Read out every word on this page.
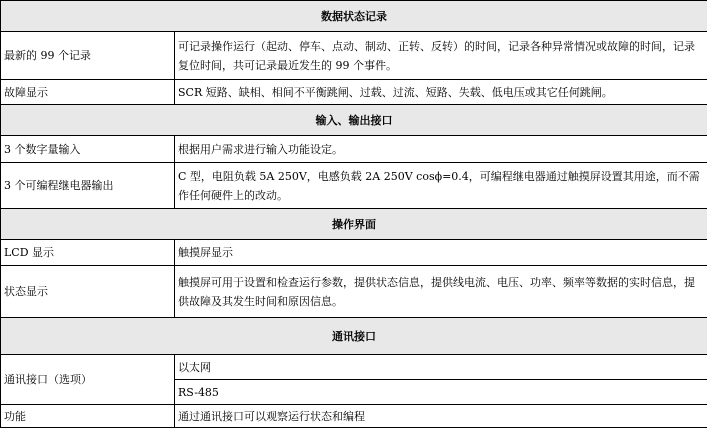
数据状态记录	
最新的 99 个记录	可记录操作运行（起动、停车、点动、制动、正转、反转）的时间，记录各种异常情况或故障的时间，记录复位时间，共可记录最近发生的 99 个事件。
故障显示	SCR 短路、缺相、相间不平衡跳闸、过载、过流、短路、失载、低电压或其它任何跳闸。
输入、输出接口	
3 个数字量输入	根据用户需求进行输入功能设定。
3 个可编程继电器输出	C 型，电阻负载 5A 250V，电感负载 2A 250V cosϕ=0.4，可编程继电器通过触摸屏设置其用途，而不需作任何硬件上的改动。
操作界面	
LCD 显示	触摸屏显示
状态显示	触摸屏可用于设置和检查运行参数，提供状态信息，提供线电流、电压、功率、频率等数据的实时信息，提供故障及其发生时间和原因信息。
通讯接口	
通讯接口（选项）	以太网
	RS-485
功能	通过通讯接口可以观察运行状态和编程
